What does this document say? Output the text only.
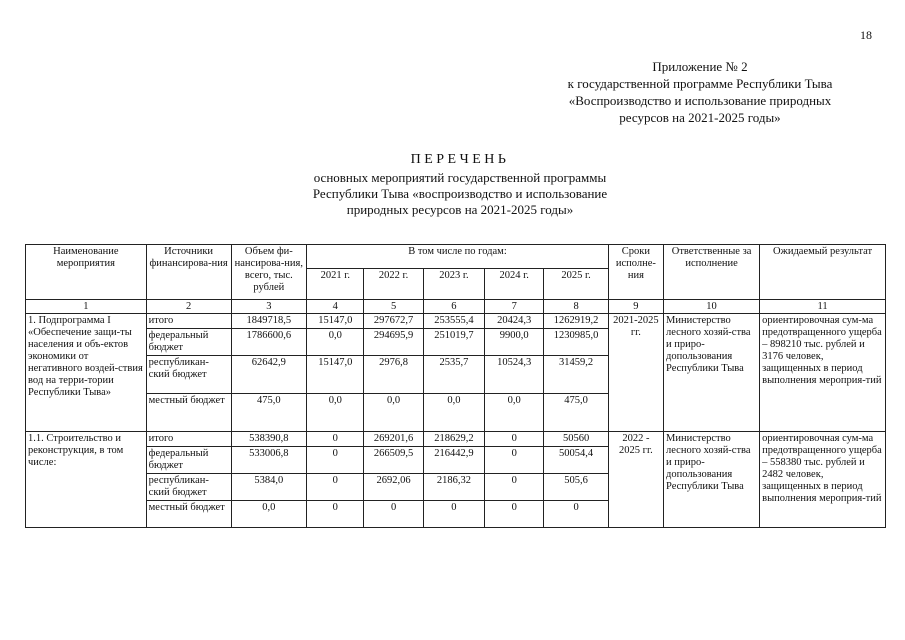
18
Приложение № 2
к государственной программе Республики Тыва
«Воспроизводство и использование природных
ресурсов на 2021-2025 годы»
ПЕРЕЧЕНЬ
основных мероприятий государственной программы
Республики Тыва «воспроизводство и использование
природных ресурсов на 2021-2025 годы»
Наименование мероприятия	Источники финансирова-ния	Объем фи-нансирова-ния, всего, тыс. рублей	В том числе по годам:					Сроки исполне-ния	Ответственные за исполнение	Ожидаемый результат
			2021 г.	2022 г.	2023 г.	2024 г.	2025 г.			
1	2	3	4	5	6	7	8	9	10	11
1. Подпрограмма I «Обеспечение защи-ты населения и объ-ектов экономики от негативного воздей-ствия вод на терри-тории Республики Тыва»	итого	1849718,5	15147,0	297672,7	253555,4	20424,3	1262919,2	2021-2025 гг.	Министерство лесного хозяй-ства и приро-допользования Республики Тыва	ориентировочная сум-ма предотвращенного ущерба – 898210 тыс. рублей и 3176 человек, защищенных в период выполнения мероприя-тий
	федеральный бюджет	1786600,6	0,0	294695,9	251019,7	9900,0	1230985,0			
	республикан-ский бюджет	62642,9	15147,0	2976,8	2535,7	10524,3	31459,2			
	местный бюджет	475,0	0,0	0,0	0,0	0,0	475,0			
1.1. Строительство и реконструкция, в том числе:	итого	538390,8	0	269201,6	218629,2	0	50560	2022 - 2025 гг.	Министерство лесного хозяй-ства и приро-допользования Республики Тыва	ориентировочная сум-ма предотвращенного ущерба – 558380 тыс. рублей и 2482 человек, защищенных в период выполнения мероприя-тий
	федеральный бюджет	533006,8	0	266509,5	216442,9	0	50054,4			
	республикан-ский бюджет	5384,0	0	2692,06	2186,32	0	505,6			
	местный бюджет	0,0	0	0	0	0	0			
